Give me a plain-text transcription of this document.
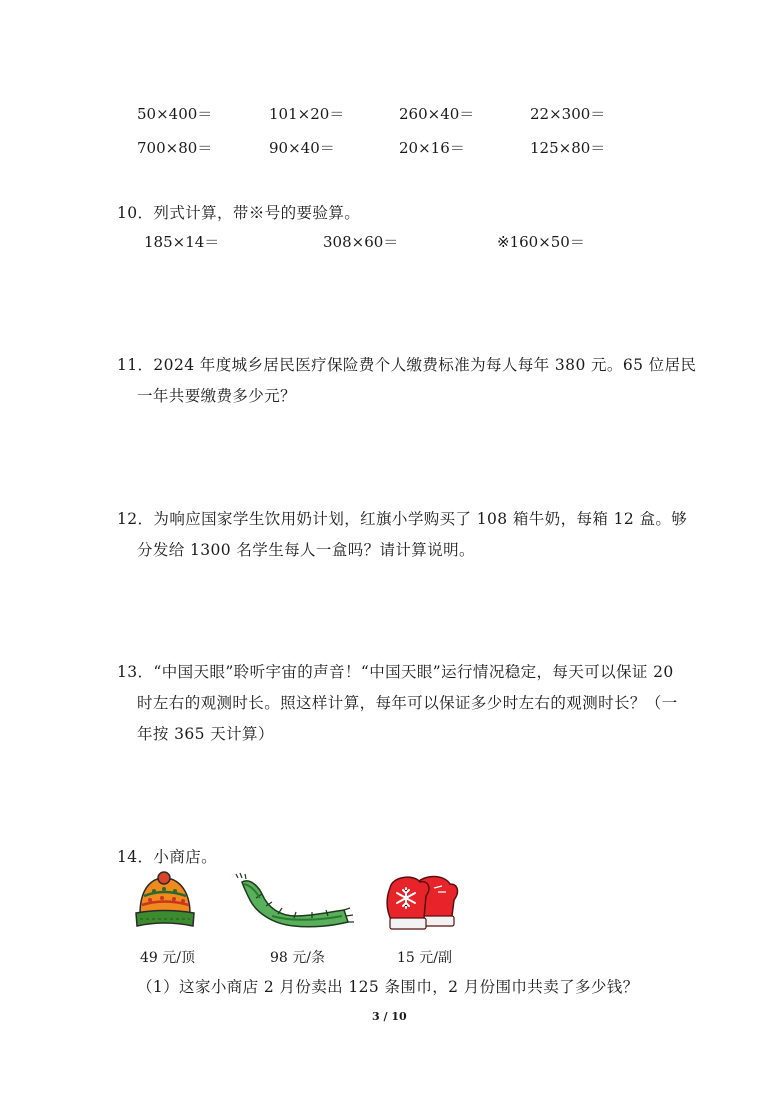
50×400＝	101×20＝	260×40＝	22×300＝
700×80＝	90×40＝	20×16＝	125×80＝
10．列式计算，带※号的要验算。
185×14＝	308×60＝	※160×50＝
11．2024 年度城乡居民医疗保险费个人缴费标准为每人每年 380 元。65 位居民
一年共要缴费多少元？
12．为响应国家学生饮用奶计划，红旗小学购买了 108 箱牛奶，每箱 12 盒。够
分发给 1300 名学生每人一盒吗？请计算说明。
13．“中国天眼”聆听宇宙的声音！“中国天眼”运行情况稳定，每天可以保证 20
时左右的观测时长。照这样计算，每年可以保证多少时左右的观测时长？（一
年按 365 天计算）
14．小商店。
49 元/顶	98 元/条	15 元/副
（1）这家小商店 2 月份卖出 125 条围巾，2 月份围巾共卖了多少钱？
3 / 10
